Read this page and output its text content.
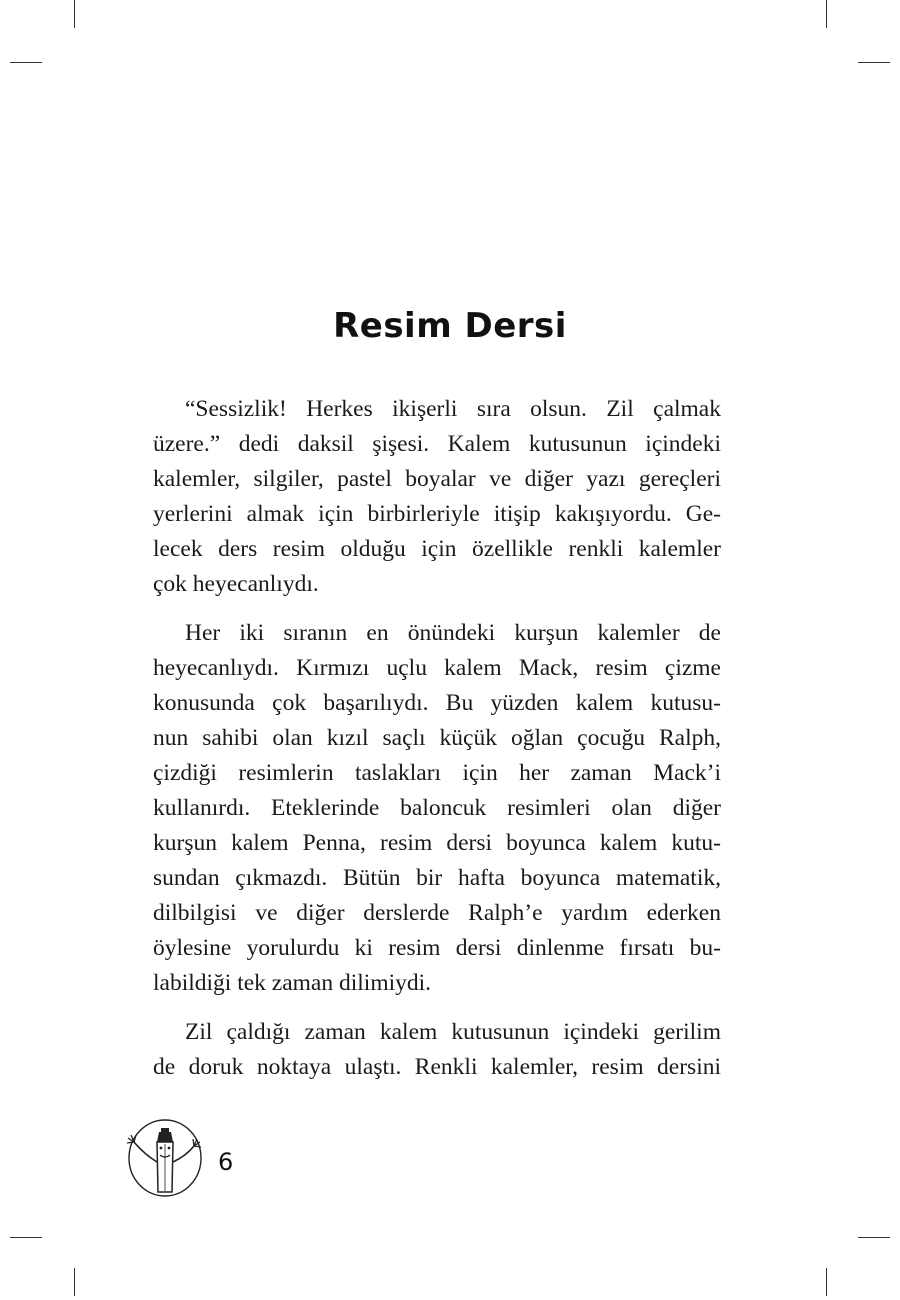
Resim Dersi
“Sessizlik! Herkes ikişerli sıra olsun. Zil çalmak
üzere.” dedi daksil şişesi. Kalem kutusunun içindeki
kalemler, silgiler, pastel boyalar ve diğer yazı gereçleri
yerlerini almak için birbirleriyle itişip kakışıyordu. Ge-
lecek ders resim olduğu için özellikle renkli kalemler
çok heyecanlıydı.
Her iki sıranın en önündeki kurşun kalemler de
heyecanlıydı. Kırmızı uçlu kalem Mack, resim çizme
konusunda çok başarılıydı. Bu yüzden kalem kutusu-
nun sahibi olan kızıl saçlı küçük oğlan çocuğu Ralph,
çizdiği resimlerin taslakları için her zaman Mack’i
kullanırdı. Eteklerinde baloncuk resimleri olan diğer
kurşun kalem Penna, resim dersi boyunca kalem kutu-
sundan çıkmazdı. Bütün bir hafta boyunca matematik,
dilbilgisi ve diğer derslerde Ralph’e yardım ederken
öylesine yorulurdu ki resim dersi dinlenme fırsatı bu-
labildiği tek zaman dilimiydi.
Zil çaldığı zaman kalem kutusunun içindeki gerilim
de doruk noktaya ulaştı. Renkli kalemler, resim dersini
6
